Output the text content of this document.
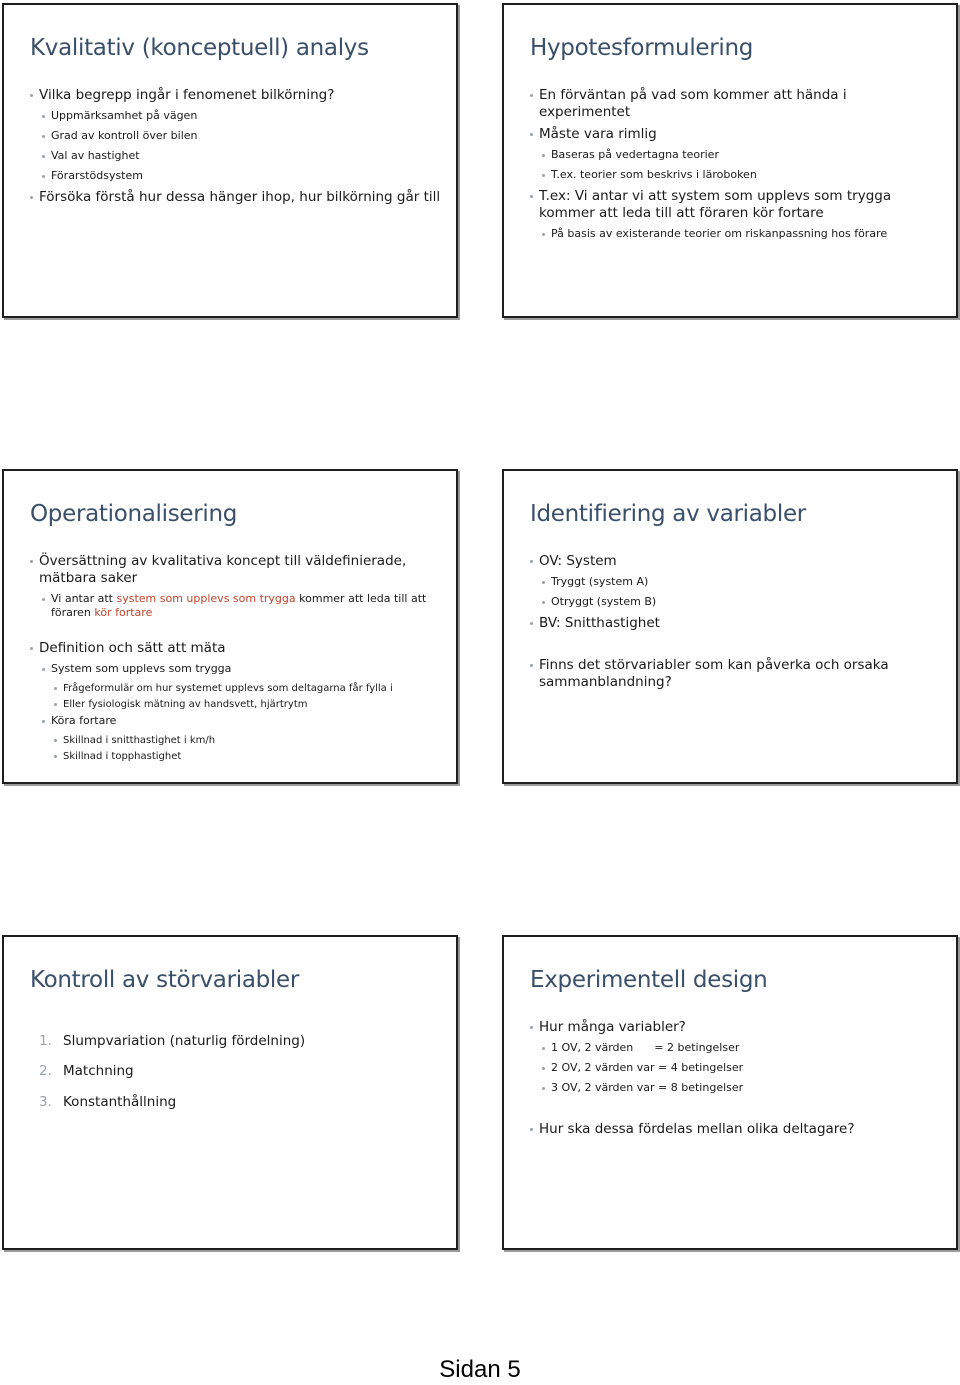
Kvalitativ (konceptuell) analys

Vilka begrepp ingår i fenomenet bilkörning?

Uppmärksamhet på vägen

Grad av kontroll över bilen

Val av hastighet

Förarstödsystem

Försöka förstå hur dessa hänger ihop, hur bilkörning går till

Hypotesformulering

En förväntan på vad som kommer att hända i experimentet

Måste vara rimlig

Baseras på vedertagna teorier

T.ex. teorier som beskrivs i läroboken

T.ex: Vi antar vi att system som upplevs som trygga kommer att leda till att föraren kör fortare

På basis av existerande teorier om riskanpassning hos förare

Operationalisering

Översättning av kvalitativa koncept till väldefinierade, mätbara saker

Vi antar att system som upplevs som trygga kommer att leda till att föraren kör fortare

Definition och sätt att mäta

System som upplevs som trygga

Frågeformulär om hur systemet upplevs som deltagarna får fylla i

Eller fysiologisk mätning av handsvett, hjärtrytm

Köra fortare

Skillnad i snitthastighet i km/h

Skillnad i topphastighet

Identifiering av variabler

OV: System

Tryggt (system A)

Otryggt (system B)

BV: Snitthastighet

Finns det störvariabler som kan påverka och orsaka sammanblandning?

Kontroll av störvariabler

1. Slumpvariation (naturlig fördelning)

2. Matchning

3. Konstanthållning

Experimentell design

Hur många variabler?

1 OV, 2 värden      = 2 betingelser

2 OV, 2 värden var = 4 betingelser

3 OV, 2 värden var = 8 betingelser

Hur ska dessa fördelas mellan olika deltagare?

Sidan 5
